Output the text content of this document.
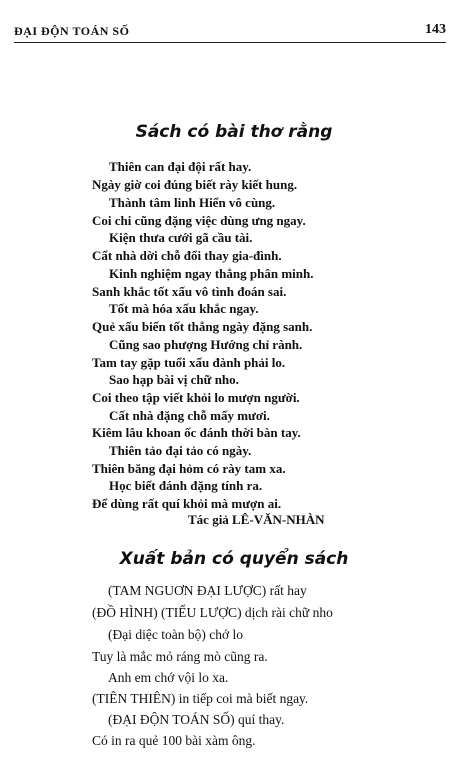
ĐẠI ĐỘN TOÁN SỐ	143
Sách có bài thơ rằng
Thiên can đại đội rất hay.
Ngày giờ coi đúng biết rày kiết hung.
Thành tâm linh Hiển vô cùng.
Coi chi cũng đặng việc dùng ưng ngay.
Kiện thưa cưới gã cầu tài.
Cất nhà dời chỗ đổi thay gia-đình.
Kinh nghiệm ngay thẳng phân minh.
Sanh khắc tốt xấu vô tình đoán sai.
Tốt mà hóa xấu khắc ngay.
Quẻ xấu biến tốt thẳng ngày đặng sanh.
Cũng sao phượng Hướng chỉ rành.
Tam tay gặp tuổi xấu đành phải lo.
Sao hạp bài vị chữ nho.
Coi theo tập viết khỏi lo mượn người.
Cất nhà đặng chỗ mấy mươi.
Kiêm lâu khoan ốc đánh thời bàn tay.
Thiên tảo đại tảo có ngày.
Thiên băng đại hỏm có rày tam xa.
Học biết đánh đặng tính ra.
Để dùng rất quí khỏi mà mượn ai.
Tác giả LÊ-VĂN-NHÀN
Xuất bản có quyển sách
(TAM NGUƠN ĐẠI LƯỢC) rất hay
(ĐỒ HÌNH) (TIỂU LƯỢC) dịch rài chữ nho
(Đại diệc toàn bộ) chớ lo
Tuy là mắc mỏ ráng mò cũng ra.
Anh em chớ vội lo xa.
(TIÊN THIÊN) in tiếp coi mà biết ngay.
(ĐẠI ĐỘN TOÁN SỐ) quí thay.
Có in ra quẻ 100 bài xàm ông.
